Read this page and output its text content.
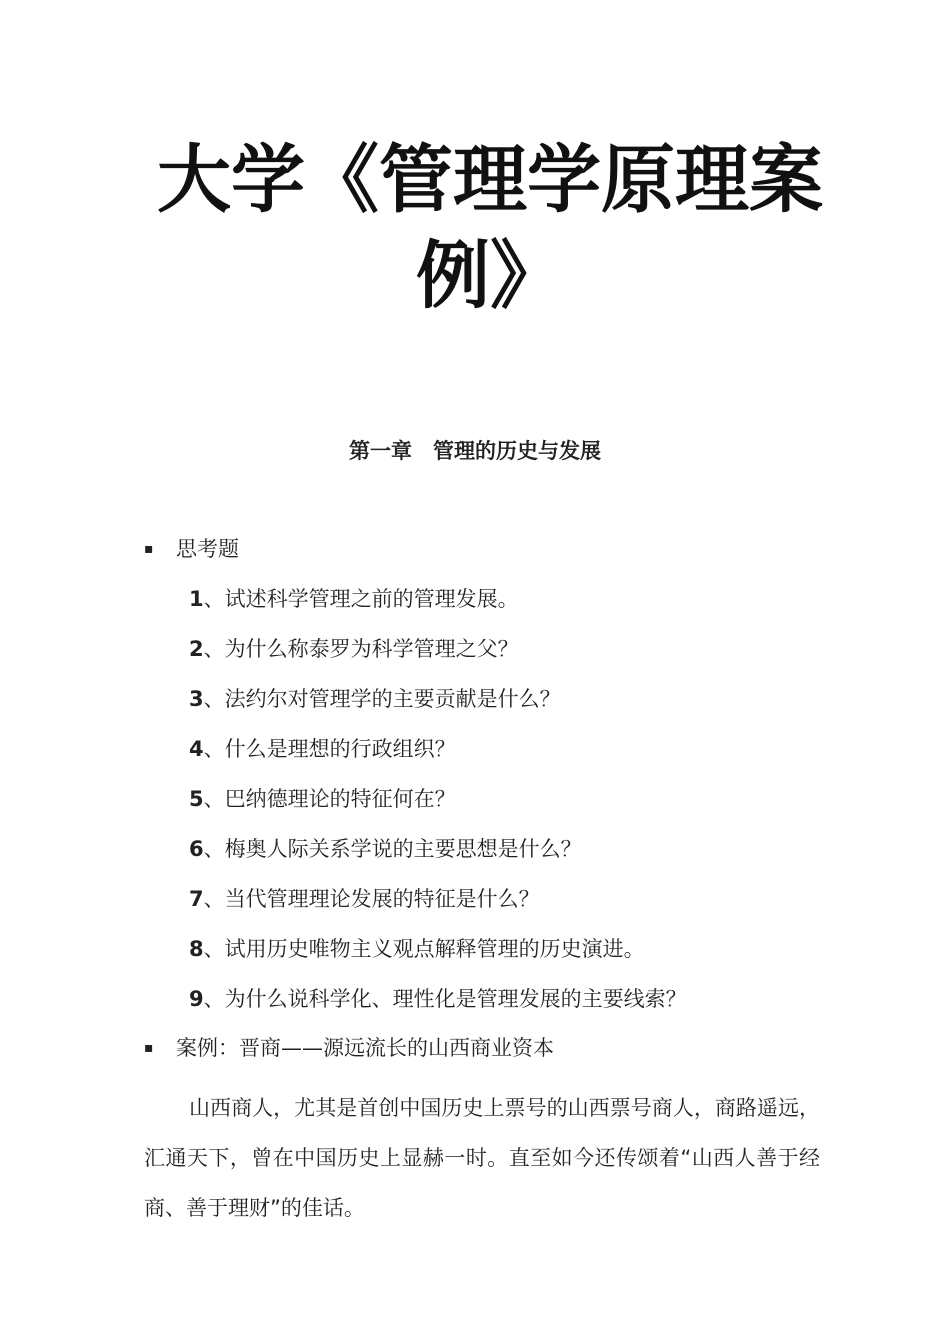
大学《管理学原理案例》
第一章　管理的历史与发展
▪ 思考题
1、试述科学管理之前的管理发展。
2、为什么称泰罗为科学管理之父？
3、法约尔对管理学的主要贡献是什么？
4、什么是理想的行政组织？
5、巴纳德理论的特征何在？
6、梅奥人际关系学说的主要思想是什么？
7、当代管理理论发展的特征是什么？
8、试用历史唯物主义观点解释管理的历史演进。
9、为什么说科学化、理性化是管理发展的主要线索？
▪ 案例：晋商——源远流长的山西商业资本

山西商人，尤其是首创中国历史上票号的山西票号商人，商路遥远，汇通天下，曾在中国历史上显赫一时。直至如今还传颂着“山西人善于经商、善于理财”的佳话。
